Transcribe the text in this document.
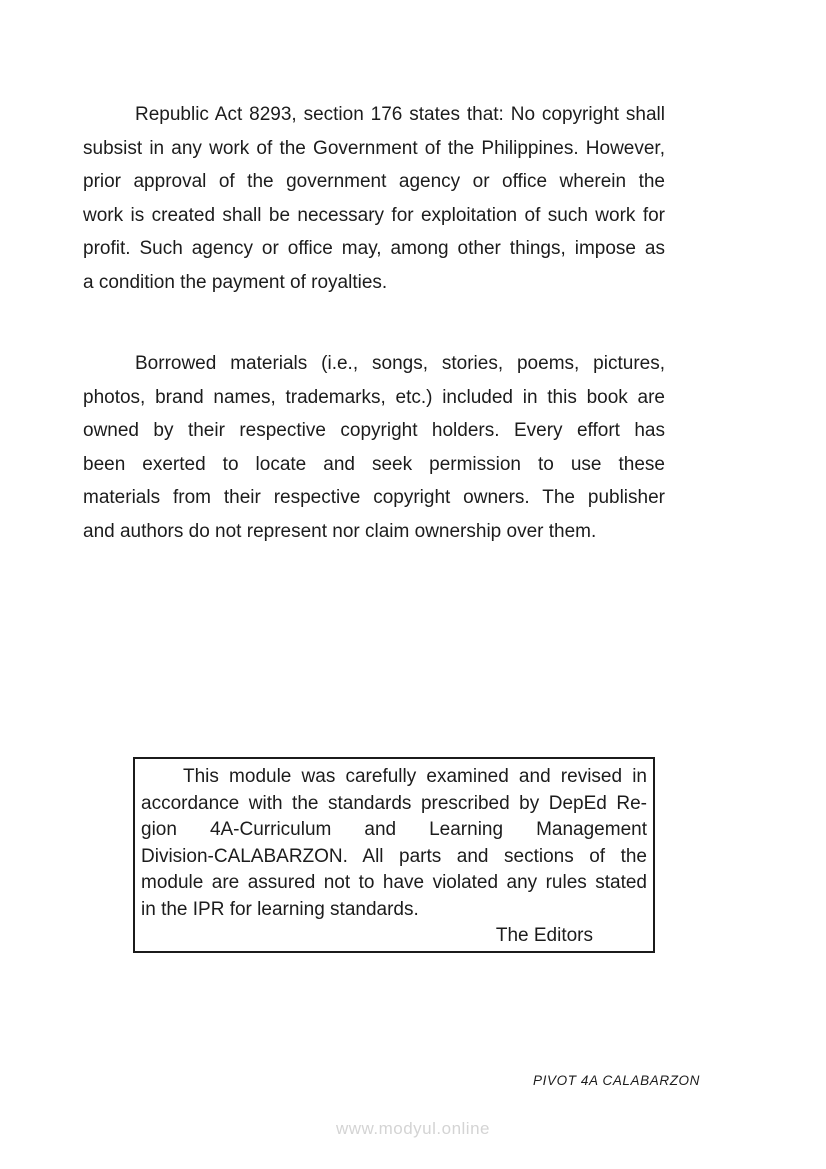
Republic Act 8293, section 176 states that: No copyright shall
subsist in any work of the Government of the Philippines. However,
prior approval of the government agency or office wherein the
work is created shall be necessary for exploitation of such work for
profit. Such agency or office may, among other things, impose as
a condition the payment of royalties.
Borrowed materials (i.e., songs, stories, poems, pictures,
photos, brand names, trademarks, etc.) included in this book are
owned by their respective copyright holders. Every effort has
been exerted to locate and seek permission to use these
materials from their respective copyright owners. The publisher
and authors do not represent nor claim ownership over them.
This module was carefully examined and revised in
accordance with the standards prescribed by DepEd Re-
gion 4A-Curriculum and Learning Management
Division-CALABARZON. All parts and sections of the
module are assured not to have violated any rules stated
in the IPR for learning standards.
The Editors
PIVOT 4A CALABARZON
www.modyul.online
